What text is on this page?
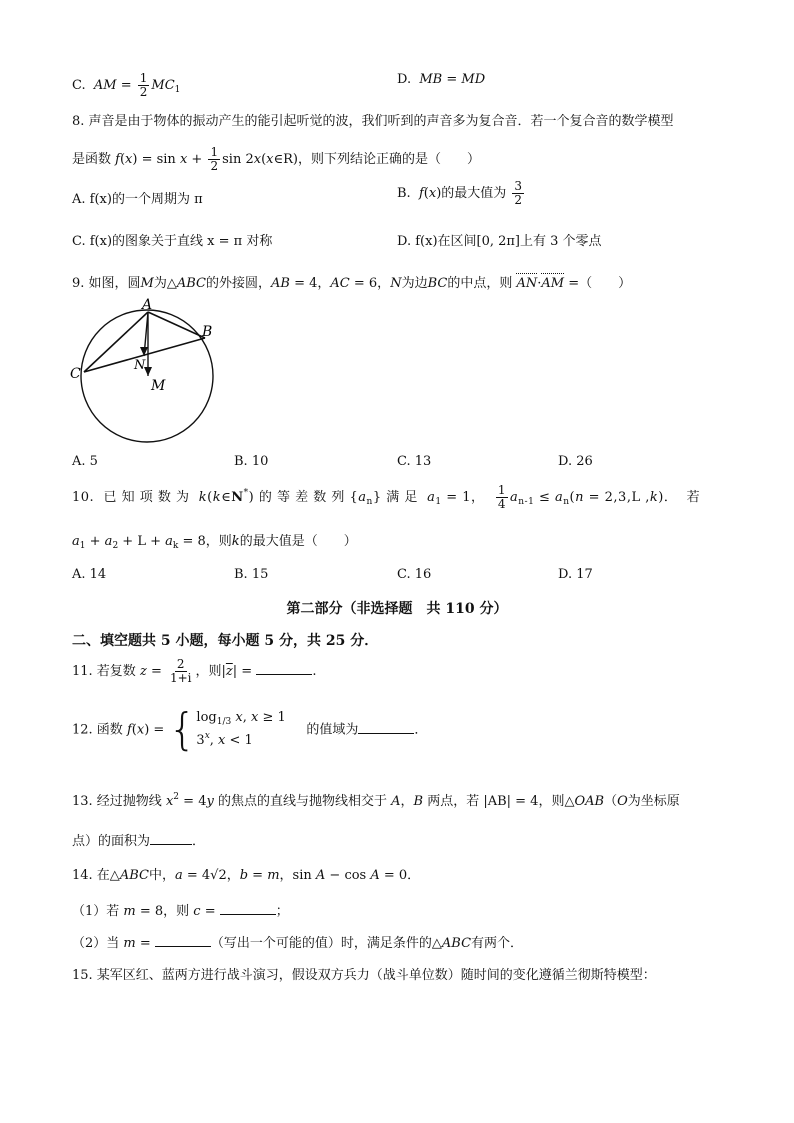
C. AM = $\frac{1}{2} MC_1$
D. MB = MD
8. 声音是由于物体的振动产生的能引起听觉的波，我们听到的声音多为复合音．若一个复合音的数学模型
是函数 $f(x) = \sin x + \frac{1}{2}$ sin 2x(x∈R)，则下列结论正确的是（　　）
A. f(x)的一个周期为 π	B.  f(x)的最大值为 $\frac{3}{2}$
C. f(x)的图象关于直线 x = π 对称	D. f(x)在区间[0, 2π]上有 3 个零点
9. 如图，圆M为△ABC的外接圆，AB = 4，AC = 6，N为边BC的中点，则 AN·AM =（　　）
A
B
C
N
M
A. 5	B. 10	C. 13	D. 26
10.  已 知 项 数 为  k(k∈N*) 的 等 差 数 列 $\{a_n\}$ 满 足  $a_1 = 1$， $\frac{1}{4} a_{n-1} \le a_n(n = 2,3,L$ ,k)．  若
$a_1 + a_2 + L + a_k = 8$，则k的最大值是（　　）
A. 14	B. 15	C. 16	D. 17
第二部分（非选择题　共 110 分）
二、填空题共 5 小题，每小题 5 分，共 25 分．
11. 若复数 $z = \frac{2}{1+i}$ ，则$|\overline{z}|$ =	.
12. 函数 $f(x) = \{\log_{1/3}$ x, x ≥ 1
3$^x$, x < 1     的值域为	．
13. 经过抛物线 $x^2 = 4y$ 的焦点的直线与抛物线相交于 A，B 两点，若 |AB| = 4，则△OAB（O为坐标原
点）的面积为	．
14. 在△ABC中，a = 4√2，b = m，sin A − cos A = 0．
（1）若 m = 8，则 c =	；
（2）当 m =	（写出一个可能的值）时，满足条件的△ABC有两个．
15. 某军区红、蓝两方进行战斗演习，假设双方兵力（战斗单位数）随时间的变化遵循兰彻斯特模型：
